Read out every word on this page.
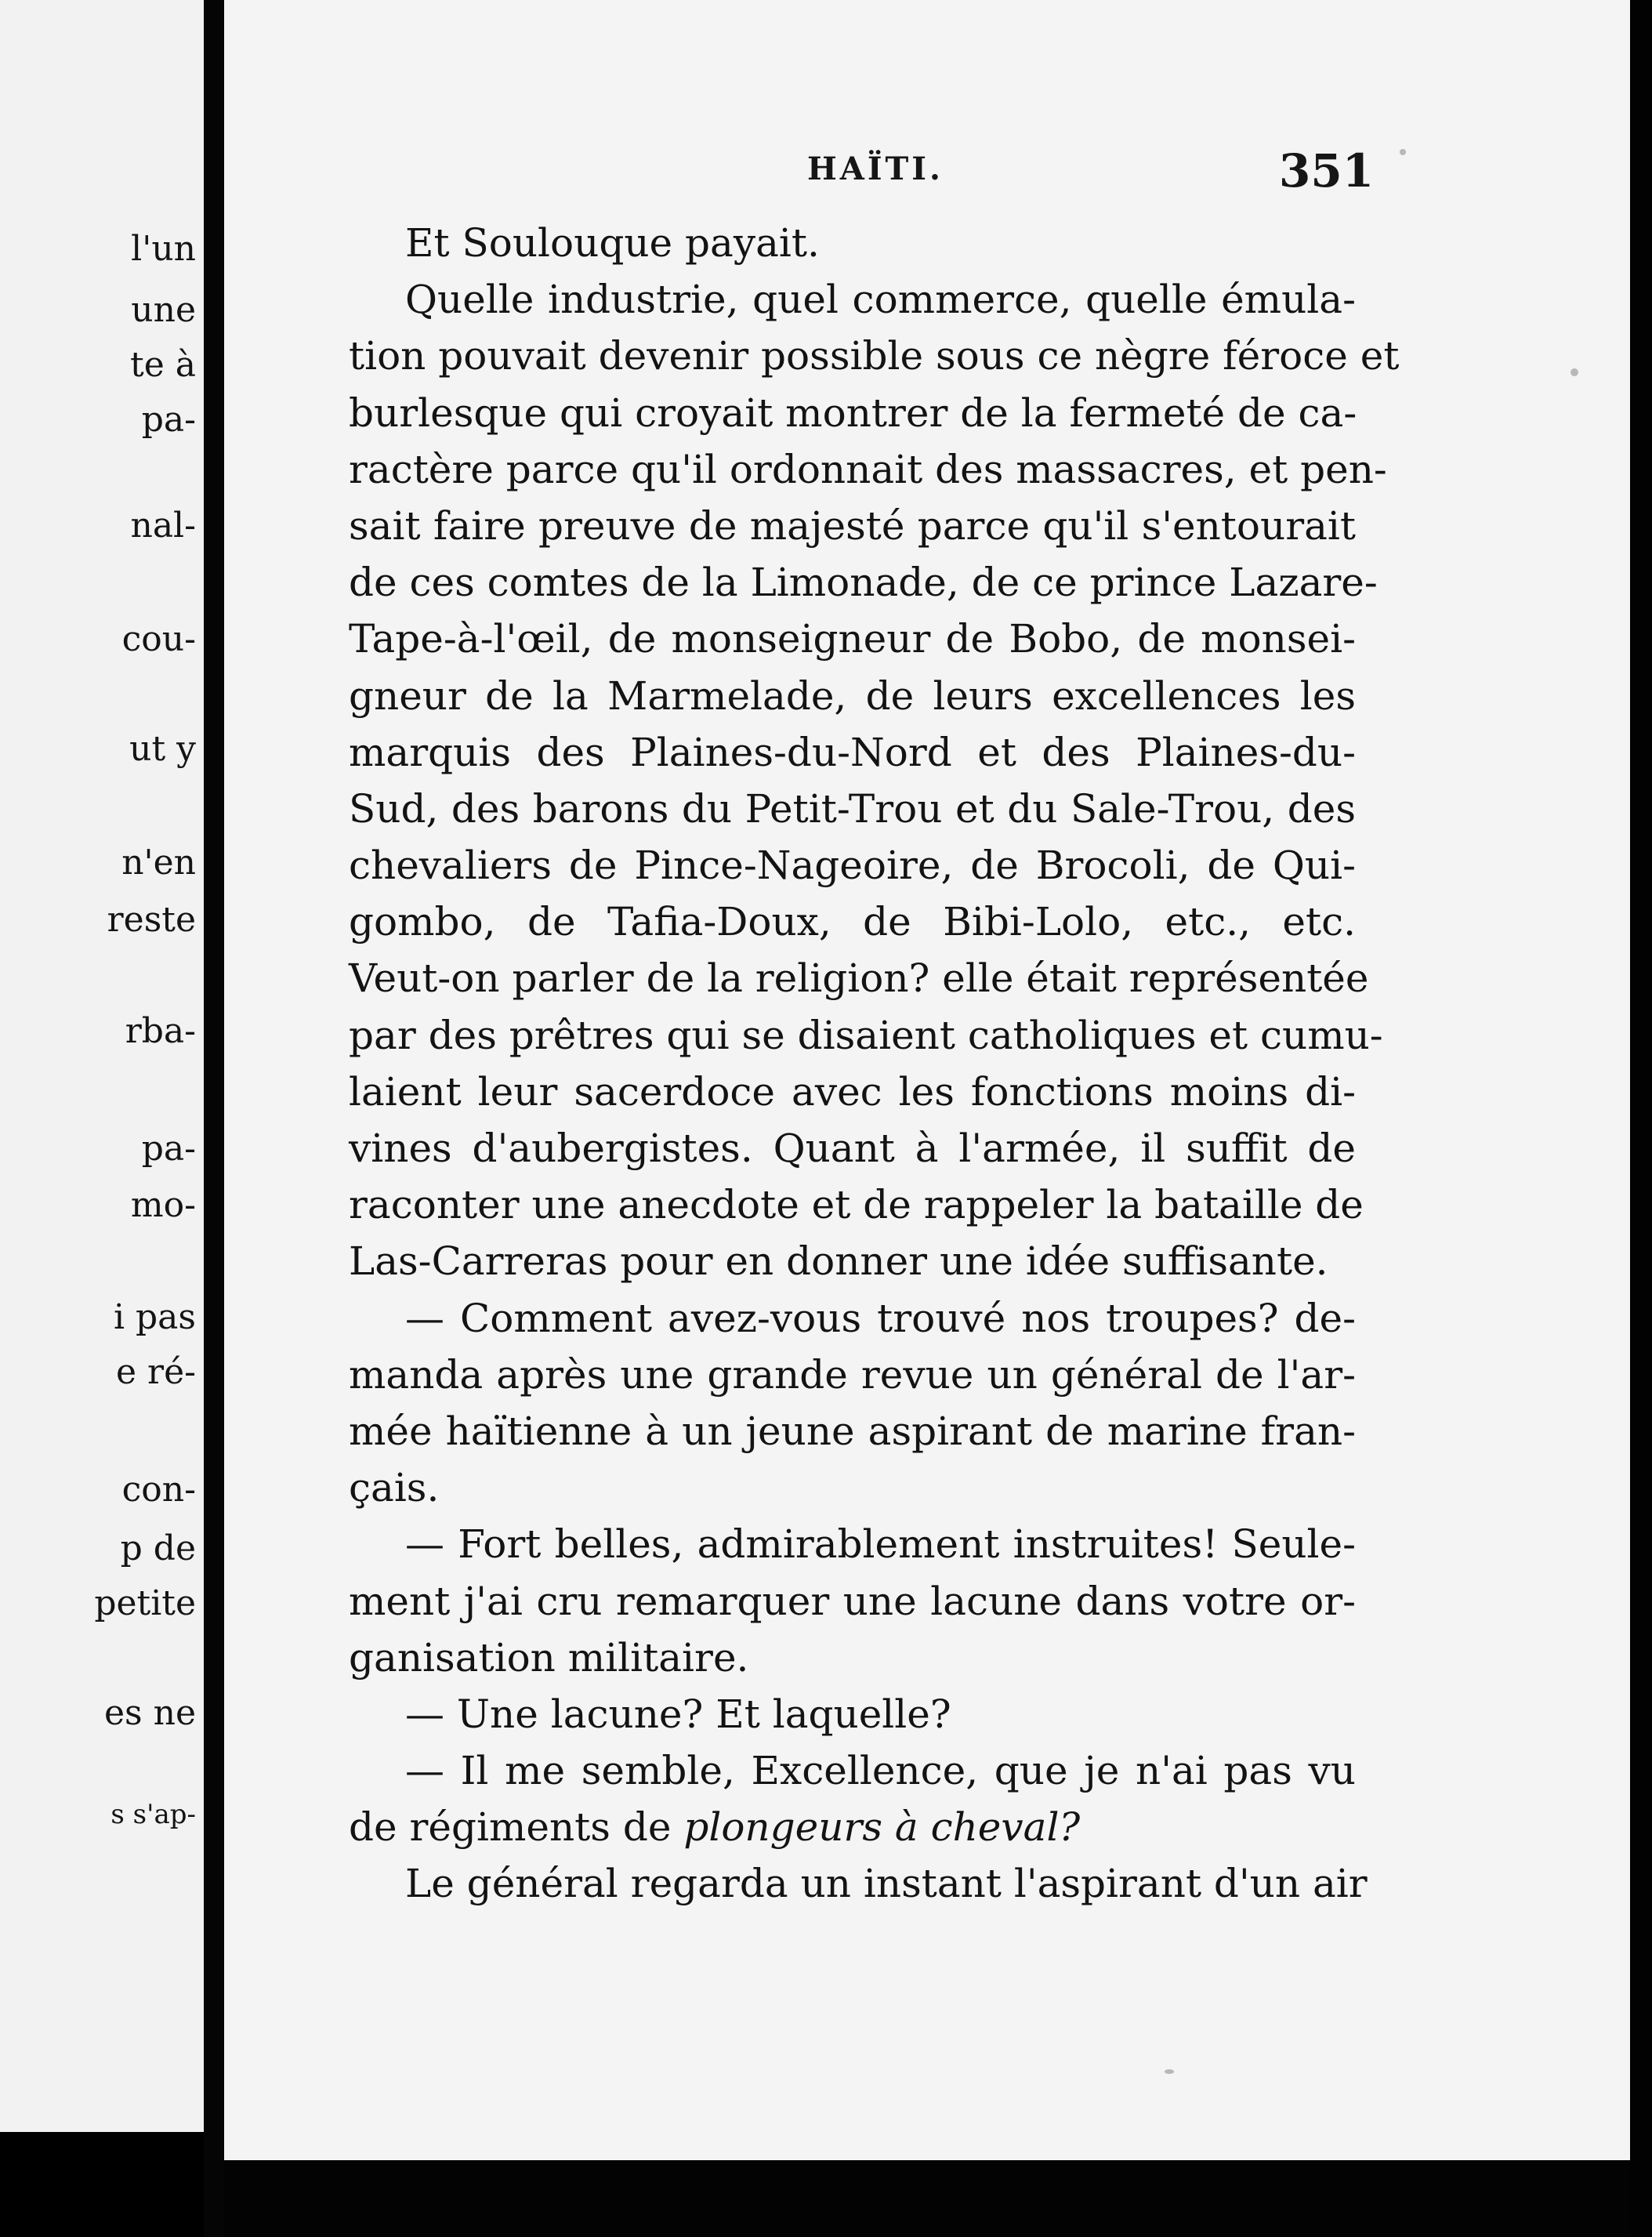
l'un
une
te à
pa-
nal-
cou-
ut y
n'en
reste
rba-
pa-
mo-
i pas
e ré-
con-
p de
petite
es ne
s s'ap-
HAÏTI.	351
Et Soulouque payait.
Quelle industrie, quel commerce, quelle émula-
tion pouvait devenir possible sous ce nègre féroce et
burlesque qui croyait montrer de la fermeté de ca-
ractère parce qu'il ordonnait des massacres, et pen-
sait faire preuve de majesté parce qu'il s'entourait
de ces comtes de la Limonade, de ce prince Lazare-
Tape-à-l'œil, de monseigneur de Bobo, de monsei-
gneur de la Marmelade, de leurs excellences les
marquis des Plaines-du-Nord et des Plaines-du-
Sud, des barons du Petit-Trou et du Sale-Trou, des
chevaliers de Pince-Nageoire, de Brocoli, de Qui-
gombo, de Tafia-Doux, de Bibi-Lolo, etc., etc.
Veut-on parler de la religion? elle était représentée
par des prêtres qui se disaient catholiques et cumu-
laient leur sacerdoce avec les fonctions moins di-
vines d'aubergistes. Quant à l'armée, il suffit de
raconter une anecdote et de rappeler la bataille de
Las-Carreras pour en donner une idée suffisante.
— Comment avez-vous trouvé nos troupes? de-
manda après une grande revue un général de l'ar-
mée haïtienne à un jeune aspirant de marine fran-
çais.
— Fort belles, admirablement instruites! Seule-
ment j'ai cru remarquer une lacune dans votre or-
ganisation militaire.
— Une lacune? Et laquelle?
— Il me semble, Excellence, que je n'ai pas vu
de régiments de plongeurs à cheval?
Le général regarda un instant l'aspirant d'un air
